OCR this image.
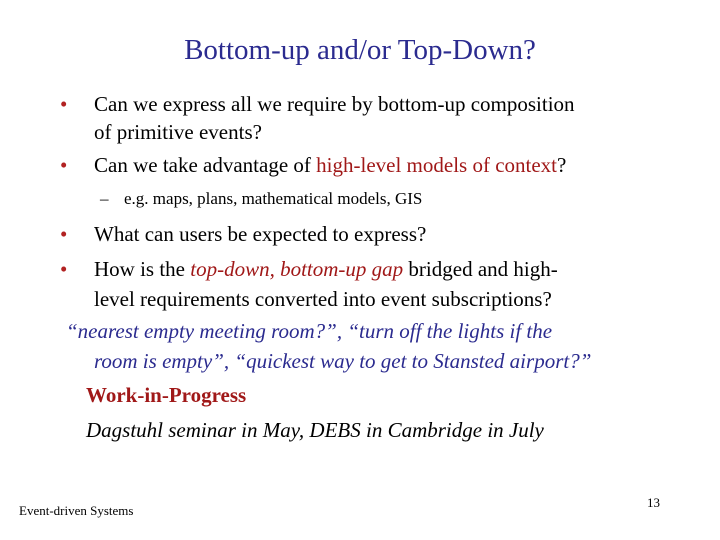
Bottom-up and/or Top-Down?
• Can we express all we require by bottom-up composition
of primitive events?
• Can we take advantage of high-level models of context?
– e.g. maps, plans, mathematical models, GIS
• What can users be expected to express?
• How is the top-down, bottom-up gap bridged and high-
level requirements converted into event subscriptions?
“nearest empty meeting room?”, “turn off the lights if the
room is empty”, “quickest way to get to Stansted airport?”
Work-in-Progress
Dagstuhl seminar in May, DEBS in Cambridge in July
Event-driven Systems
13
